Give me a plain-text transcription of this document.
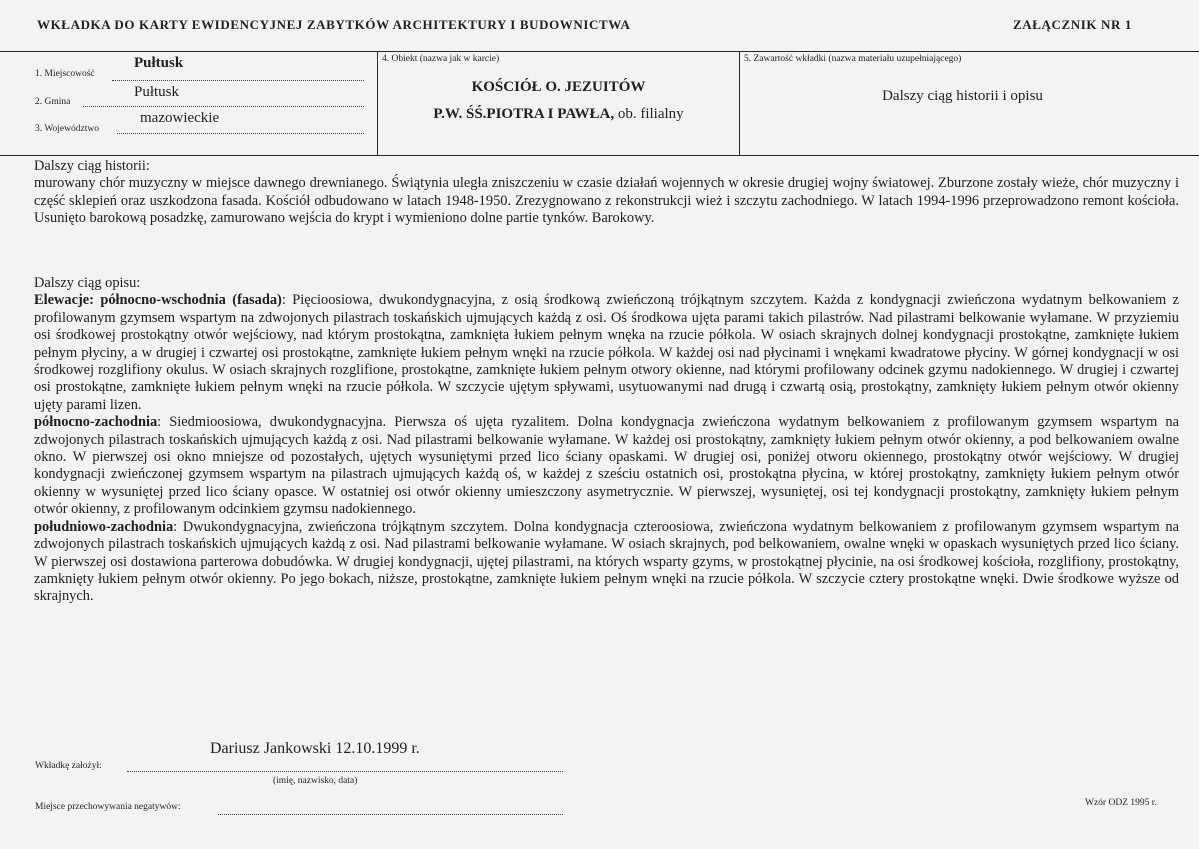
WKŁADKA DO KARTY EWIDENCYJNEJ ZABYTKÓW ARCHITEKTURY I BUDOWNICTWA	ZAŁĄCZNIK NR 1
1. Miejscowość
Pułtusk
2. Gmina
Pułtusk
3. Województwo
mazowieckie
4. Obiekt (nazwa jak w karcie)
KOŚCIÓŁ O. JEZUITÓW
P.W. ŚŚ.PIOTRA I PAWŁA, ob. filialny
5. Zawartość wkładki (nazwa materiału uzupełniającego)
Dalszy ciąg historii i opisu

Dalszy ciąg historii:

murowany chór muzyczny w miejsce dawnego drewnianego. Świątynia uległa zniszczeniu w czasie działań wojennych w okresie drugiej wojny światowej. Zburzone zostały wieże, chór muzyczny i część sklepień oraz uszkodzona fasada. Kościół odbudowano w latach 1948-1950. Zrezygnowano z rekonstrukcji wież i szczytu zachodniego. W latach 1994-1996 przeprowadzono remont kościoła. Usunięto barokową posadzkę, zamurowano wejścia do krypt i wymieniono dolne partie tynków. Barokowy.

Dalszy ciąg opisu:

Elewacje: północno-wschodnia (fasada): Pięcioosiowa, dwukondygnacyjna, z osią środkową zwieńczoną trójkątnym szczytem. Każda z kondygnacji zwieńczona wydatnym belkowaniem z profilowanym gzymsem wspartym na zdwojonych pilastrach toskańskich ujmujących każdą z osi. Oś środkowa ujęta parami takich pilastrów. Nad pilastrami belkowanie wyłamane. W przyziemiu osi środkowej prostokątny otwór wejściowy, nad którym prostokątna, zamknięta łukiem pełnym wnęka na rzucie półkola. W osiach skrajnych dolnej kondygnacji prostokątne, zamknięte łukiem pełnym płyciny, a w drugiej i czwartej osi prostokątne, zamknięte łukiem pełnym wnęki na rzucie półkola. W każdej osi nad płycinami i wnękami kwadratowe płyciny. W górnej kondygnacji w osi środkowej rozglifiony okulus. W osiach skrajnych rozglifione, prostokątne, zamknięte łukiem pełnym otwory okienne, nad którymi profilowany odcinek gzymu nadokiennego. W drugiej i czwartej osi prostokątne, zamknięte łukiem pełnym wnęki na rzucie półkola. W szczycie ujętym spływami, usytuowanymi nad drugą i czwartą osią, prostokątny, zamknięty łukiem pełnym otwór okienny ujęty parami lizen.

północno-zachodnia: Siedmioosiowa, dwukondygnacyjna. Pierwsza oś ujęta ryzalitem. Dolna kondygnacja zwieńczona wydatnym belkowaniem z profilowanym gzymsem wspartym na zdwojonych pilastrach toskańskich ujmujących każdą z osi. Nad pilastrami belkowanie wyłamane. W każdej osi prostokątny, zamknięty łukiem pełnym otwór okienny, a pod belkowaniem owalne okno. W pierwszej osi okno mniejsze od pozostałych, ujętych wysuniętymi przed lico ściany opaskami. W drugiej osi, poniżej otworu okiennego, prostokątny otwór wejściowy. W drugiej kondygnacji zwieńczonej gzymsem wspartym na pilastrach ujmujących każdą oś, w każdej z sześciu ostatnich osi, prostokątna płycina, w której prostokątny, zamknięty łukiem pełnym otwór okienny w wysuniętej przed lico ściany opasce. W ostatniej osi otwór okienny umieszczony asymetrycznie. W pierwszej, wysuniętej, osi tej kondygnacji prostokątny, zamknięty łukiem pełnym otwór okienny, z profilowanym odcinkiem gzymsu nadokiennego.

południowo-zachodnia: Dwukondygnacyjna, zwieńczona trójkątnym szczytem. Dolna kondygnacja czteroosiowa, zwieńczona wydatnym belkowaniem z profilowanym gzymsem wspartym na zdwojonych pilastrach toskańskich ujmujących każdą z osi. Nad pilastrami belkowanie wyłamane. W osiach skrajnych, pod belkowaniem, owalne wnęki w opaskach wysuniętych przed lico ściany. W pierwszej osi dostawiona parterowa dobudówka. W drugiej kondygnacji, ujętej pilastrami, na których wsparty gzyms, w prostokątnej płycinie, na osi środkowej kościoła, rozglifiony, prostokątny, zamknięty łukiem pełnym otwór okienny. Po jego bokach, niższe, prostokątne, zamknięte łukiem pełnym wnęki na rzucie półkola. W szczycie cztery prostokątne wnęki. Dwie środkowe wyższe od skrajnych.

Wkładkę założył:
Dariusz Jankowski 12.10.1999 r.
(imię, nazwisko, data)
Miejsce przechowywania negatywów:	Wzór ODZ 1995 r.
